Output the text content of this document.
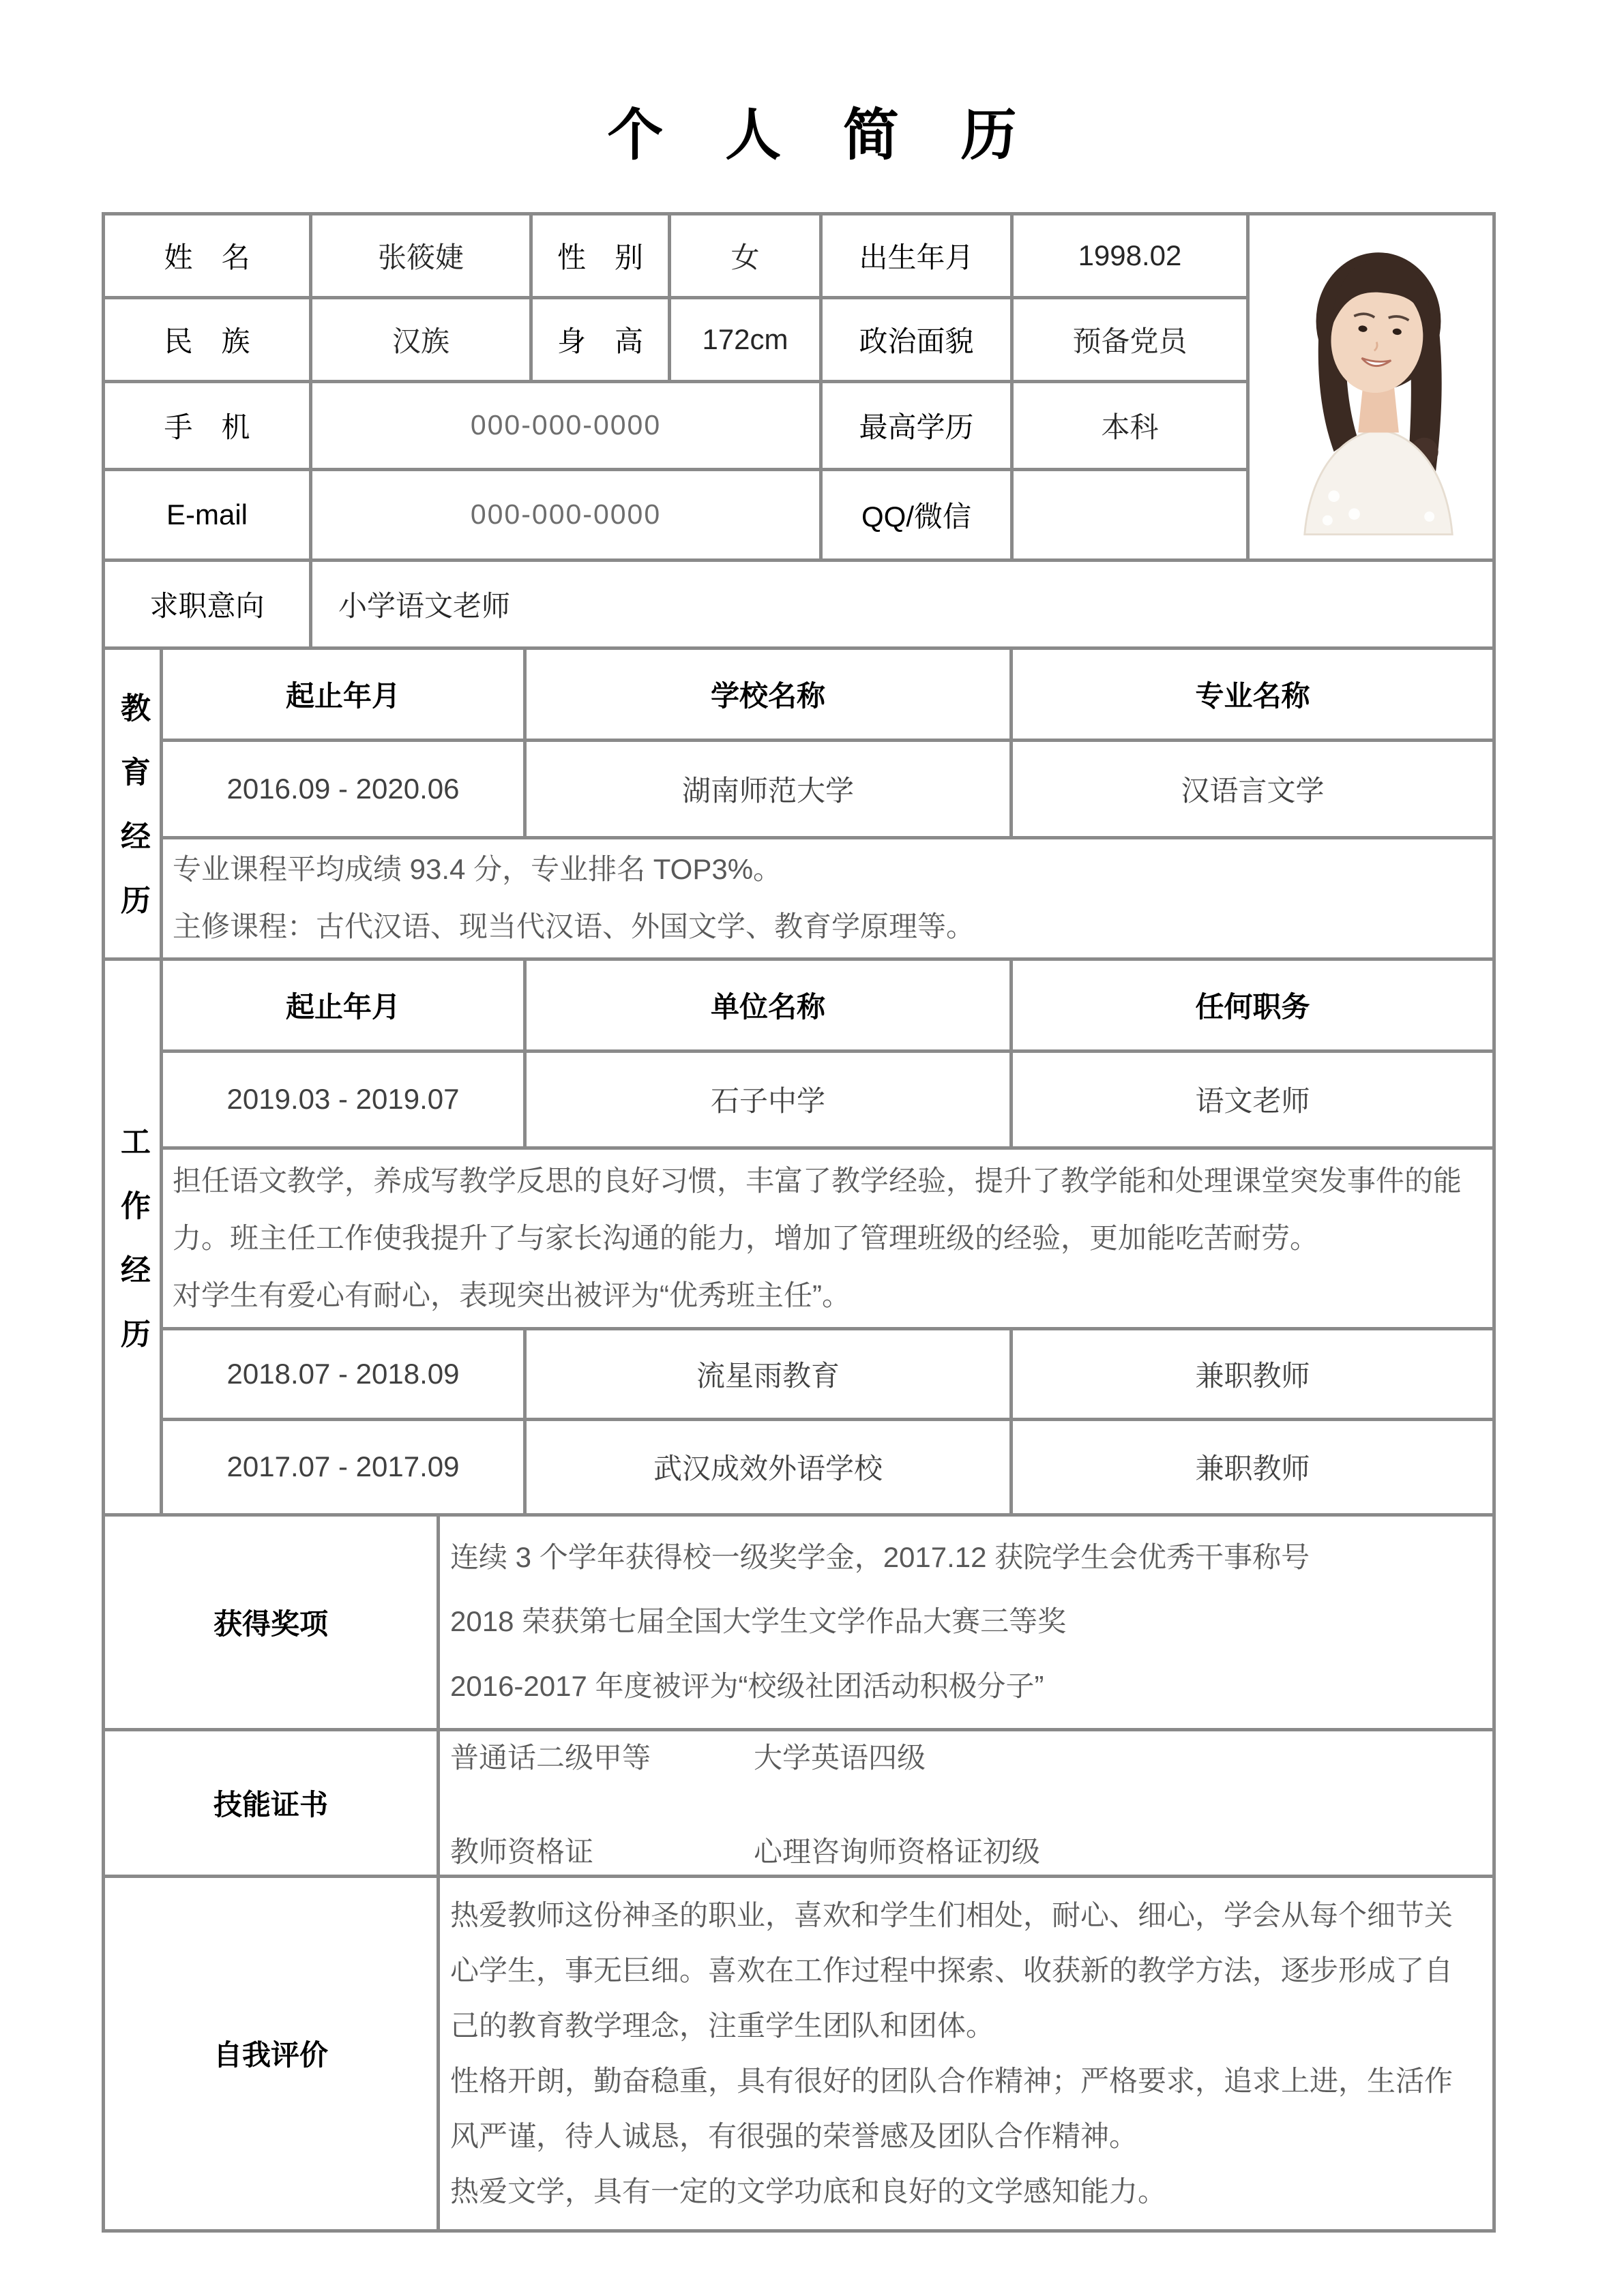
个 人 简 历
姓　名	张筱婕	性　别	女	出生年月	1998.02
民　族	汉族	身　高	172cm	政治面貌	预备党员
手　机	000-000-0000	最高学历	本科
E-mail	000-000-0000	QQ/微信
求职意向	小学语文老师
教育经历	起止年月	学校名称	专业名称
2016.09 - 2020.06	湖南师范大学	汉语言文学

专业课程平均成绩 93.4 分，专业排名 TOP3%。

主修课程：古代汉语、现当代汉语、外国文学、教育学原理等。

工作经历
起止年月	单位名称	任何职务
2019.03 - 2019.07	石子中学	语文老师

担任语文教学，养成写教学反思的良好习惯，丰富了教学经验，提升了教学能和处理课堂突发事件的能力。班主任工作使我提升了与家长沟通的能力，增加了管理班级的经验，更加能吃苦耐劳。

对学生有爱心有耐心，表现突出被评为“优秀班主任”。

2018.07 - 2018.09	流星雨教育	兼职教师
2017.07 - 2017.09	武汉成效外语学校	兼职教师
获得奖项

连续 3 个学年获得校一级奖学金，2017.12 获院学生会优秀干事称号

2018 荣获第七届全国大学生文学作品大赛三等奖

2016-2017 年度被评为“校级社团活动积极分子”

技能证书
普通话二级甲等	大学英语四级
教师资格证	心理咨询师资格证初级
自我评价

热爱教师这份神圣的职业，喜欢和学生们相处，耐心、细心，学会从每个细节关心学生，事无巨细。喜欢在工作过程中探索、收获新的教学方法，逐步形成了自己的教育教学理念，注重学生团队和团体。

性格开朗，勤奋稳重，具有很好的团队合作精神；严格要求，追求上进，生活作风严谨，待人诚恳，有很强的荣誉感及团队合作精神。

热爱文学，具有一定的文学功底和良好的文学感知能力。
